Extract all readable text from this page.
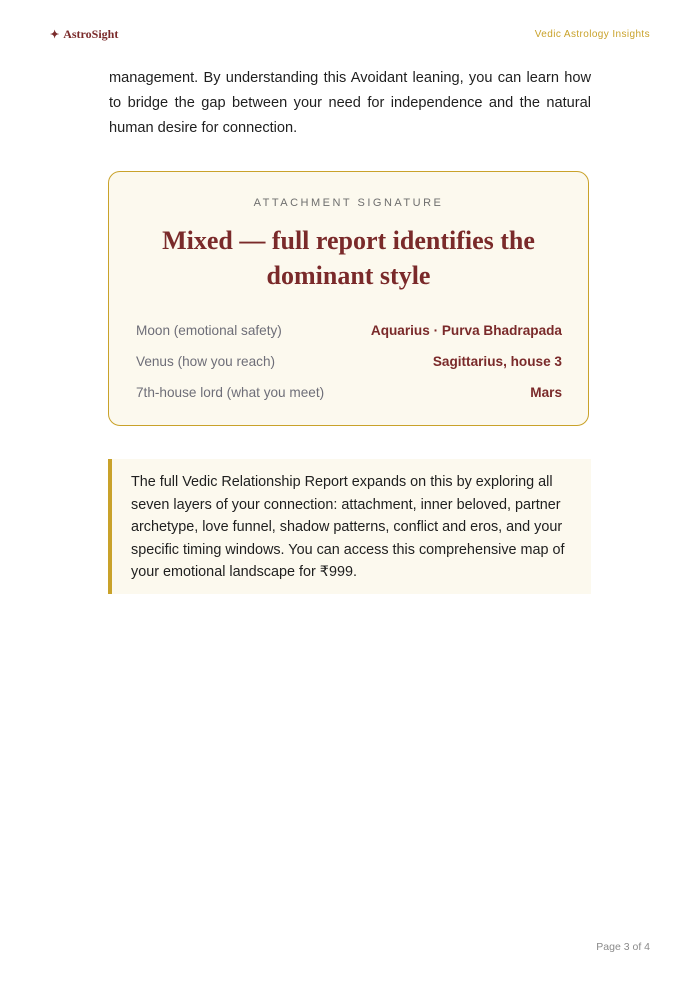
✦ AstroSight	Vedic Astrology Insights

management. By understanding this Avoidant leaning, you can learn how to bridge the gap between your need for independence and the natural human desire for connection.

ATTACHMENT SIGNATURE
Mixed — full report identifies the dominant style
Moon (emotional safety)	Aquarius · Purva Bhadrapada
Venus (how you reach)	Sagittarius, house 3
7th-house lord (what you meet)	Mars

The full Vedic Relationship Report expands on this by exploring all seven layers of your connection: attachment, inner beloved, partner archetype, love funnel, shadow patterns, conflict and eros, and your specific timing windows. You can access this comprehensive map of your emotional landscape for ₹999.

Page 3 of 4
